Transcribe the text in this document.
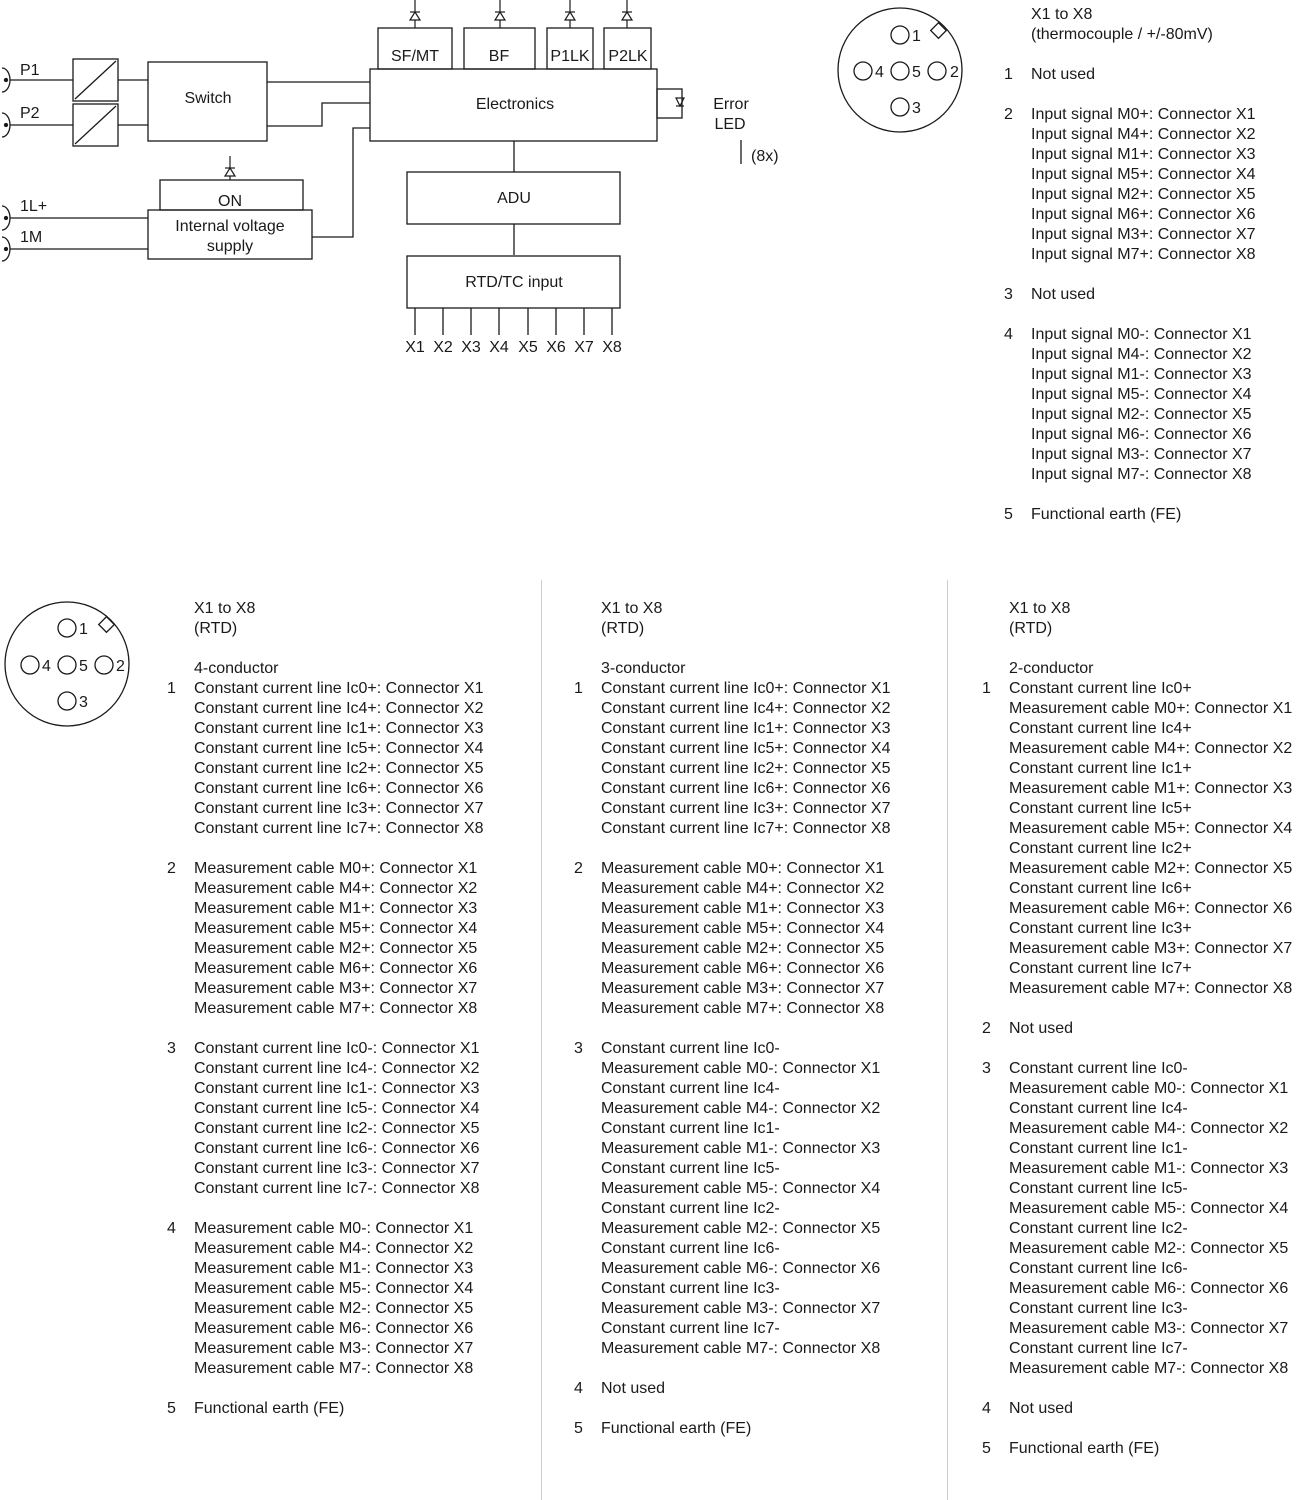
P1
P2
1L+
1M
Switch	Electronics
ADU
RTD/TC input
Internal voltage
supply
SF/MT	BF	P1LK P2LK
ON
Error
LED
(8x)
X1 X2 X3 X4 X5 X6 X7 X8
1
2
3
4 5
1
2
3
4 5
X1 to X8
(thermocouple / +/-80mV)
1	Not used
2	Input signal M0+: Connector X1
Input signal M4+: Connector X2
Input signal M1+: Connector X3
Input signal M5+: Connector X4
Input signal M2+: Connector X5
Input signal M6+: Connector X6
Input signal M3+: Connector X7
Input signal M7+: Connector X8
3	Not used
4	Input signal M0-: Connector X1
Input signal M4-: Connector X2
Input signal M1-: Connector X3
Input signal M5-: Connector X4
Input signal M2-: Connector X5
Input signal M6-: Connector X6
Input signal M3-: Connector X7
Input signal M7-: Connector X8
5	Functional earth (FE)
X1 to X8
(RTD)
4-conductor
1	Constant current line Ic0+: Connector X1
Constant current line Ic4+: Connector X2
Constant current line Ic1+: Connector X3
Constant current line Ic5+: Connector X4
Constant current line Ic2+: Connector X5
Constant current line Ic6+: Connector X6
Constant current line Ic3+: Connector X7
Constant current line Ic7+: Connector X8
2	Measurement cable M0+: Connector X1
Measurement cable M4+: Connector X2
Measurement cable M1+: Connector X3
Measurement cable M5+: Connector X4
Measurement cable M2+: Connector X5
Measurement cable M6+: Connector X6
Measurement cable M3+: Connector X7
Measurement cable M7+: Connector X8
3	Constant current line Ic0-: Connector X1
Constant current line Ic4-: Connector X2
Constant current line Ic1-: Connector X3
Constant current line Ic5-: Connector X4
Constant current line Ic2-: Connector X5
Constant current line Ic6-: Connector X6
Constant current line Ic3-: Connector X7
Constant current line Ic7-: Connector X8
4	Measurement cable M0-: Connector X1
Measurement cable M4-: Connector X2
Measurement cable M1-: Connector X3
Measurement cable M5-: Connector X4
Measurement cable M2-: Connector X5
Measurement cable M6-: Connector X6
Measurement cable M3-: Connector X7
Measurement cable M7-: Connector X8
5	Functional earth (FE)
X1 to X8
(RTD)
3-conductor
1	Constant current line Ic0+: Connector X1
Constant current line Ic4+: Connector X2
Constant current line Ic1+: Connector X3
Constant current line Ic5+: Connector X4
Constant current line Ic2+: Connector X5
Constant current line Ic6+: Connector X6
Constant current line Ic3+: Connector X7
Constant current line Ic7+: Connector X8
2	Measurement cable M0+: Connector X1
Measurement cable M4+: Connector X2
Measurement cable M1+: Connector X3
Measurement cable M5+: Connector X4
Measurement cable M2+: Connector X5
Measurement cable M6+: Connector X6
Measurement cable M3+: Connector X7
Measurement cable M7+: Connector X8
3	Constant current line Ic0-
Measurement cable M0-: Connector X1
Constant current line Ic4-
Measurement cable M4-: Connector X2
Constant current line Ic1-
Measurement cable M1-: Connector X3
Constant current line Ic5-
Measurement cable M5-: Connector X4
Constant current line Ic2-
Measurement cable M2-: Connector X5
Constant current line Ic6-
Measurement cable M6-: Connector X6
Constant current line Ic3-
Measurement cable M3-: Connector X7
Constant current line Ic7-
Measurement cable M7-: Connector X8
4	Not used
5	Functional earth (FE)
X1 to X8
(RTD)
2-conductor
1	Constant current line Ic0+
Measurement cable M0+: Connector X1
Constant current line Ic4+
Measurement cable M4+: Connector X2
Constant current line Ic1+
Measurement cable M1+: Connector X3
Constant current line Ic5+
Measurement cable M5+: Connector X4
Constant current line Ic2+
Measurement cable M2+: Connector X5
Constant current line Ic6+
Measurement cable M6+: Connector X6
Constant current line Ic3+
Measurement cable M3+: Connector X7
Constant current line Ic7+
Measurement cable M7+: Connector X8
2	Not used
3	Constant current line Ic0-
Measurement cable M0-: Connector X1
Constant current line Ic4-
Measurement cable M4-: Connector X2
Constant current line Ic1-
Measurement cable M1-: Connector X3
Constant current line Ic5-
Measurement cable M5-: Connector X4
Constant current line Ic2-
Measurement cable M2-: Connector X5
Constant current line Ic6-
Measurement cable M6-: Connector X6
Constant current line Ic3-
Measurement cable M3-: Connector X7
Constant current line Ic7-
Measurement cable M7-: Connector X8
4	Not used
5	Functional earth (FE)
